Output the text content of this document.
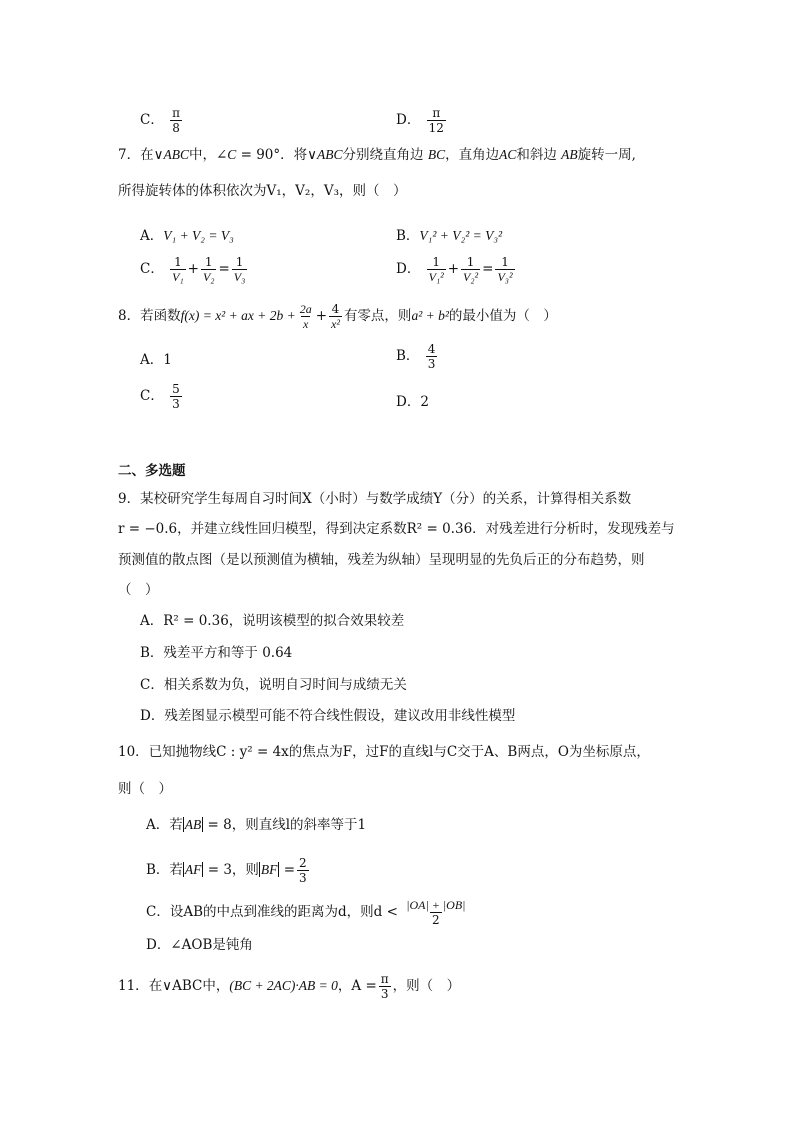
C． $\frac{\pi}{8}$	D． $\frac{\pi}{12}$
7．在∨ABC中，∠C = 90°．将∨ABC分别绕直角边 BC，直角边AC和斜边 AB旋转一周,
所得旋转体的体积依次为V₁，V₂，V₃，则（　）
A．V₁ + V₂ = V₃	B．V₁² + V₂² = V₃²
C． $\frac{1}{\text{V₁}} + \frac{1}{\text{V₂}} = \frac{1}{\text{V₃}}$	D． $\frac{1}{\text{V₁²}} + \frac{1}{\text{V₂²}} = \frac{1}{\text{V₃²}}$
8．若函数f(x) = x² + ax + $2b + \frac{2a}{x} + \frac{4}{\text{x²}}$ 有零点，则a² + b²的最小值为（　）
A．1	B． $\frac{4}{3}$
C． $\frac{5}{3}$	D．2
二、多选题
9．某校研究学生每周自习时间X（小时）与数学成绩Y（分）的关系，计算得相关系数
r = −0.6，并建立线性回归模型，得到决定系数R² = 0.36．对残差进行分析时，发现残差与
预测值的散点图（是以预测值为横轴，残差为纵轴）呈现明显的先负后正的分布趋势，则
（　）
A．R² = 0.36，说明该模型的拟合效果较差
B．残差平方和等于 0.64
C．相关系数为负，说明自习时间与成绩无关
D．残差图显示模型可能不符合线性假设，建议改用非线性模型
10．已知抛物线C : y² = 4x的焦点为F，过F的直线l与C交于A、B两点，O为坐标原点，
则（　）
A．若 AB = 8，则直线l的斜率等于1
B．若 AF = 3，则 BF = $\frac{2}{3}$
C．设AB的中点到准线的距离为d，则$d < \frac{|OA| + |OB|}{2}$
D．∠AOB是钝角
11．在∨ABC中，(BC + 2AC)·AB = 0，$A = \frac{\pi}{3}$ ，则（　）
